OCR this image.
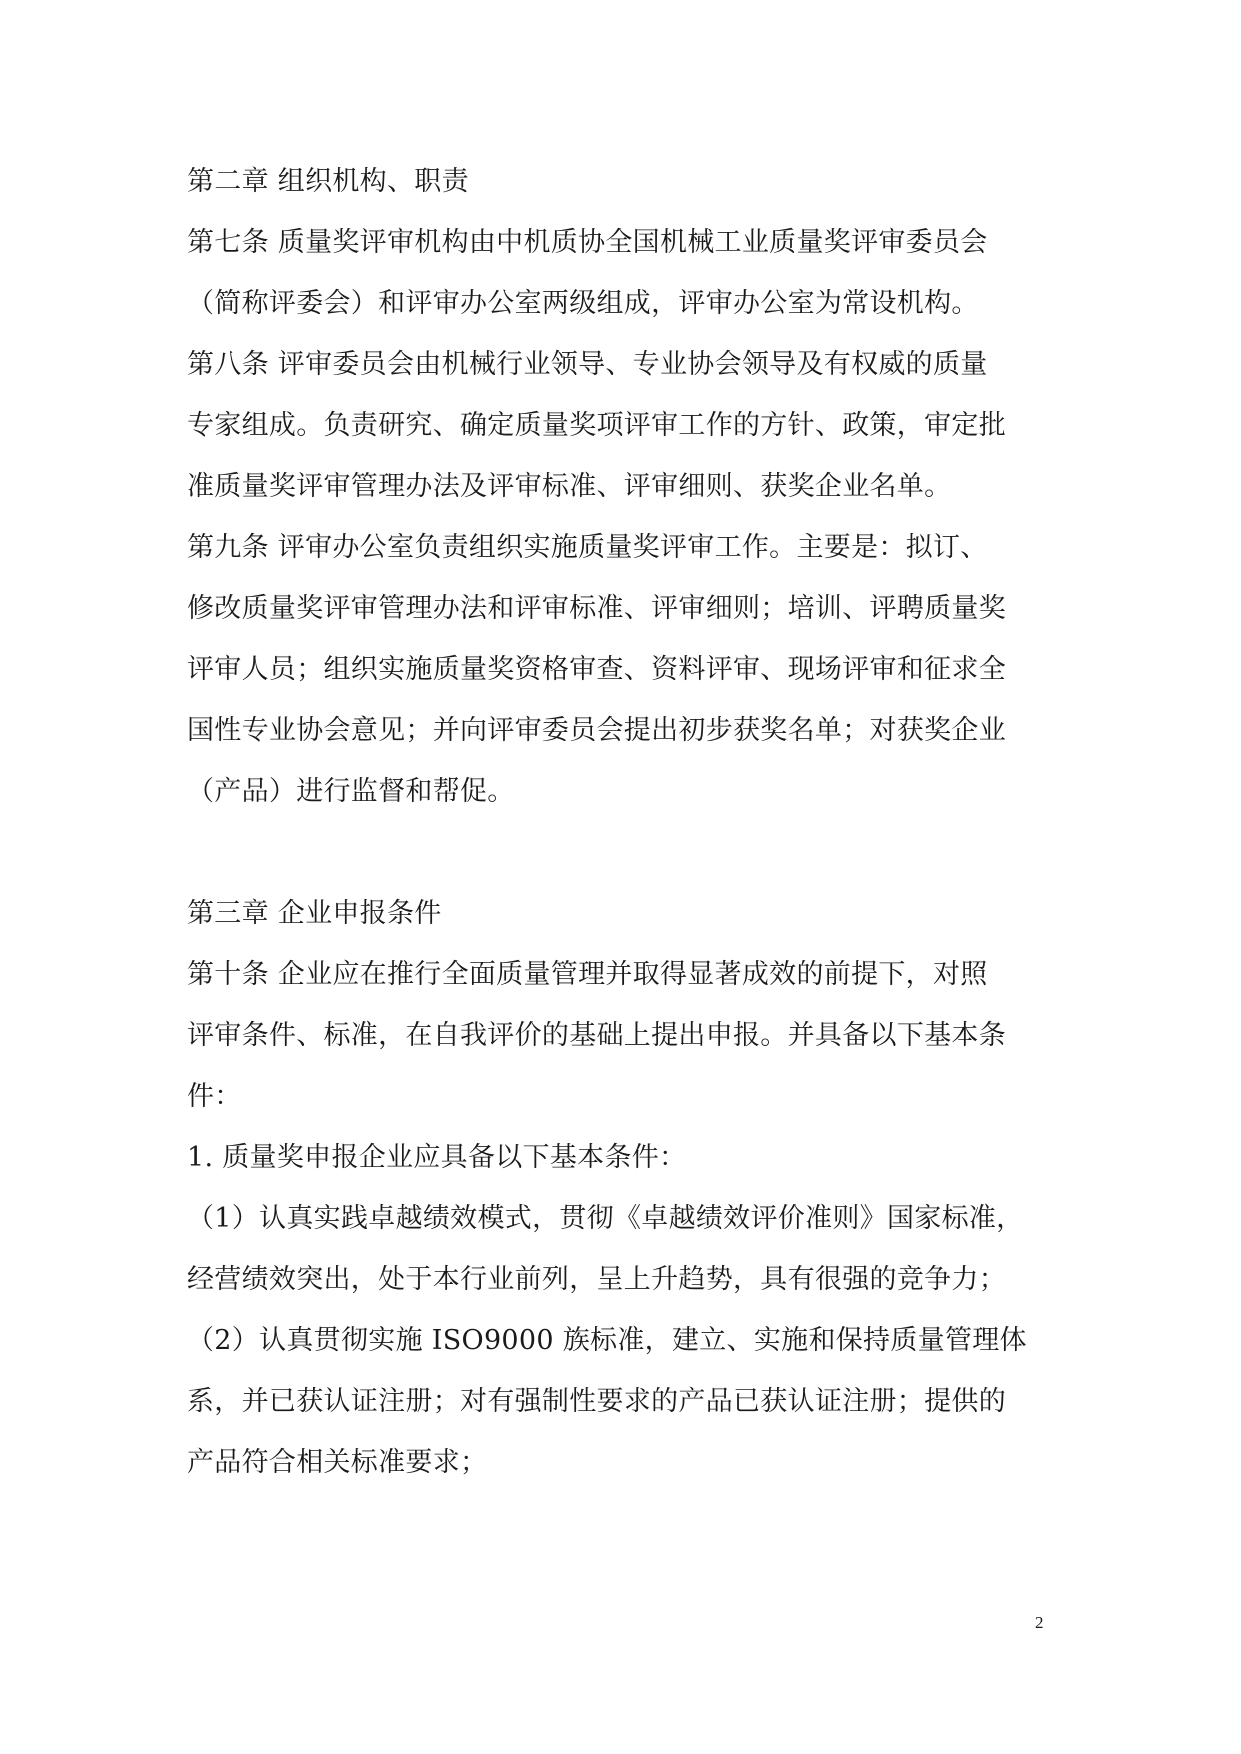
第二章 组织机构、职责
第七条 质量奖评审机构由中机质协全国机械工业质量奖评审委员会
（简称评委会）和评审办公室两级组成，评审办公室为常设机构。
第八条 评审委员会由机械行业领导、专业协会领导及有权威的质量
专家组成。负责研究、确定质量奖项评审工作的方针、政策，审定批
准质量奖评审管理办法及评审标准、评审细则、获奖企业名单。
第九条 评审办公室负责组织实施质量奖评审工作。主要是：拟订、
修改质量奖评审管理办法和评审标准、评审细则；培训、评聘质量奖
评审人员；组织实施质量奖资格审查、资料评审、现场评审和征求全
国性专业协会意见；并向评审委员会提出初步获奖名单；对获奖企业
（产品）进行监督和帮促。
第三章 企业申报条件
第十条 企业应在推行全面质量管理并取得显著成效的前提下，对照
评审条件、标准，在自我评价的基础上提出申报。并具备以下基本条
件：
1. 质量奖申报企业应具备以下基本条件：
（1）认真实践卓越绩效模式，贯彻《卓越绩效评价准则》国家标准，
经营绩效突出，处于本行业前列，呈上升趋势，具有很强的竞争力；
（2）认真贯彻实施 ISO9000 族标准，建立、实施和保持质量管理体
系，并已获认证注册；对有强制性要求的产品已获认证注册；提供的
产品符合相关标准要求；
2
